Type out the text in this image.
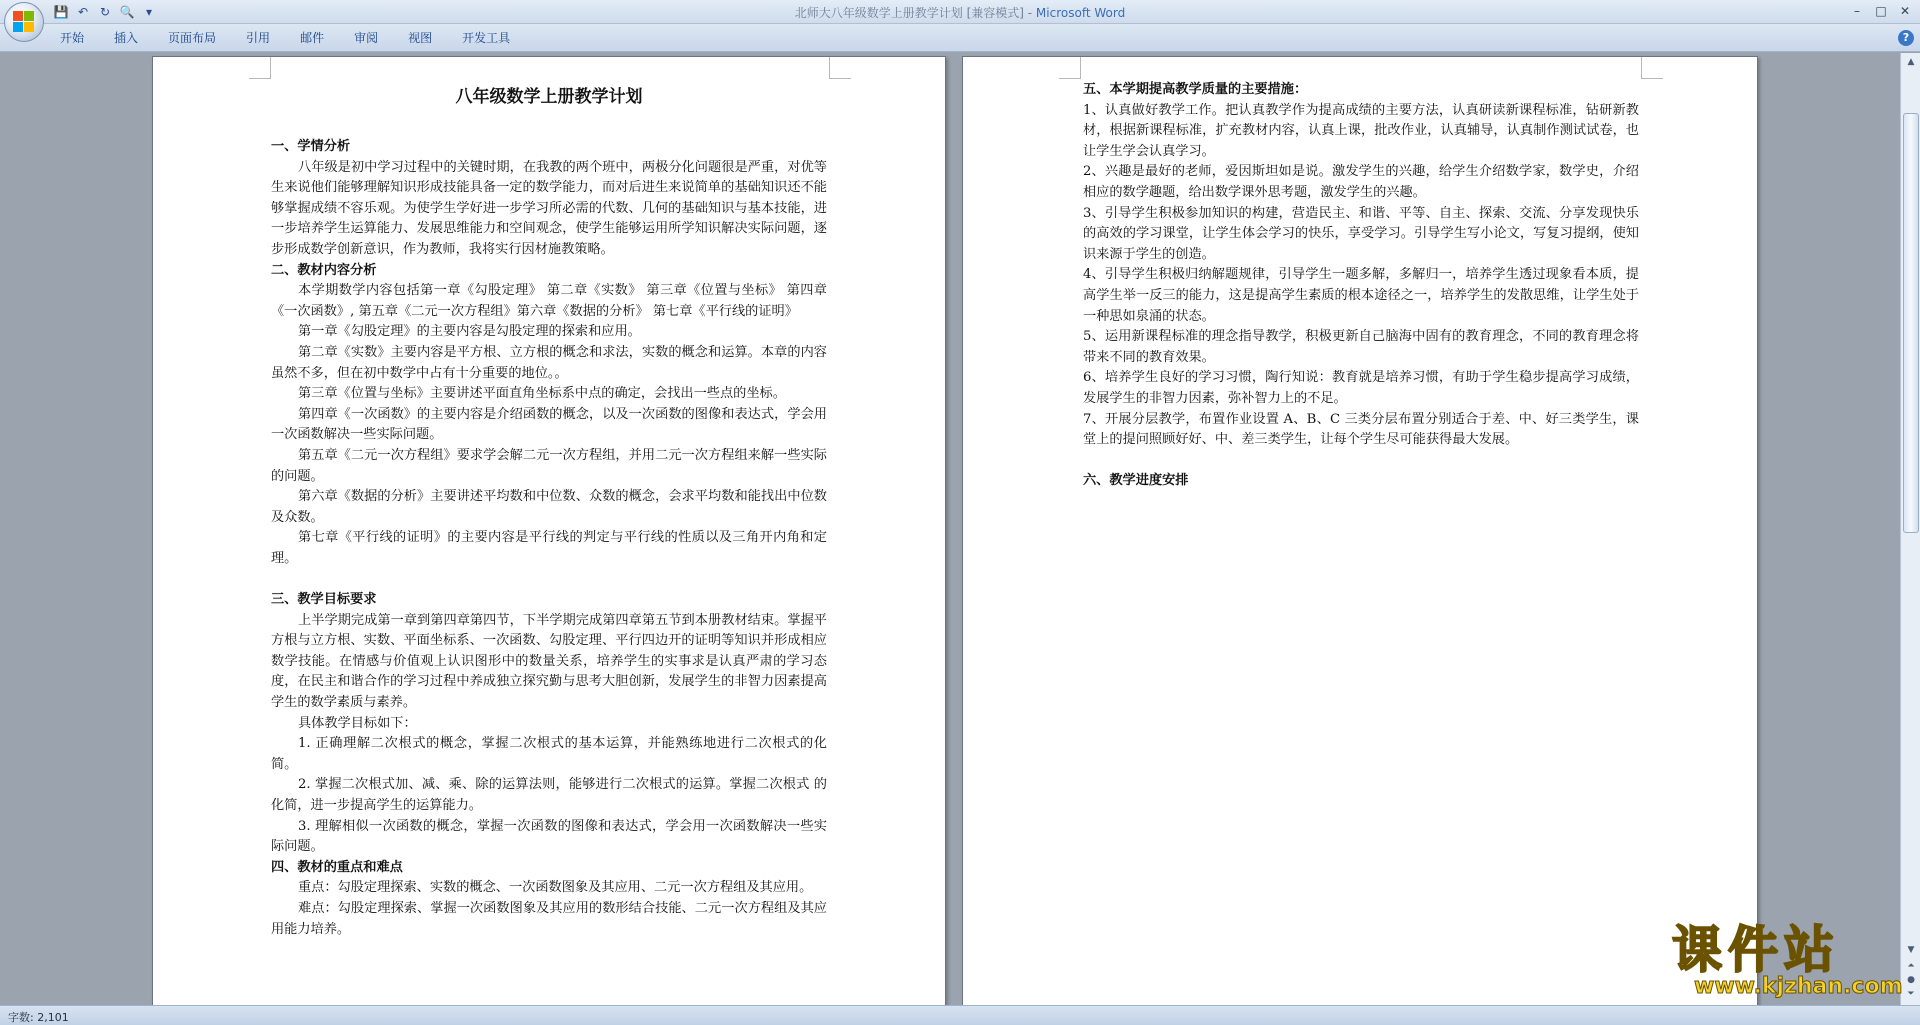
💾 ↶ ↻ 🔍 ▾	北师大八年级数学上册教学计划 [兼容模式] - Microsoft Word	–	□	✕
开始	插入	页面布局	引用	邮件	审阅	视图	开发工具	?
八年级数学上册教学计划
一、学情分析
八年级是初中学习过程中的关键时期，在我教的两个班中，两极分化问题很是严重，对优等生来说他们能够理解知识形成技能具备一定的数学能力，而对后进生来说简单的基础知识还不能够掌握成绩不容乐观。为使学生学好进一步学习所必需的代数、几何的基础知识与基本技能，进一步培养学生运算能力、发展思维能力和空间观念，使学生能够运用所学知识解决实际问题，逐步形成数学创新意识，作为教师，我将实行因材施教策略。
二、教材内容分析
本学期数学内容包括第一章《勾股定理》 第二章《实数》 第三章《位置与坐标》 第四章《一次函数》, 第五章《二元一次方程组》第六章《数据的分析》 第七章《平行线的证明》
第一章《勾股定理》的主要内容是勾股定理的探索和应用。
第二章《实数》主要内容是平方根、立方根的概念和求法，实数的概念和运算。本章的内容虽然不多，但在初中数学中占有十分重要的地位。。
第三章《位置与坐标》主要讲述平面直角坐标系中点的确定，会找出一些点的坐标。
第四章《一次函数》的主要内容是介绍函数的概念，以及一次函数的图像和表达式，学会用一次函数解决一些实际问题。
第五章《二元一次方程组》要求学会解二元一次方程组，并用二元一次方程组来解一些实际的问题。
第六章《数据的分析》主要讲述平均数和中位数、众数的概念，会求平均数和能找出中位数及众数。
第七章《平行线的证明》的主要内容是平行线的判定与平行线的性质以及三角开内角和定理。
三、教学目标要求
上半学期完成第一章到第四章第四节，下半学期完成第四章第五节到本册教材结束。掌握平方根与立方根、实数、平面坐标系、一次函数、勾股定理、平行四边开的证明等知识并形成相应数学技能。在情感与价值观上认识图形中的数量关系，培养学生的实事求是认真严肃的学习态度，在民主和谐合作的学习过程中养成独立探究勤与思考大胆创新，发展学生的非智力因素提高学生的数学素质与素养。
具体教学目标如下：
1. 正确理解二次根式的概念，掌握二次根式的基本运算，并能熟练地进行二次根式的化简。
2. 掌握二次根式加、减、乘、除的运算法则，能够进行二次根式的运算。掌握二次根式 的化简，进一步提高学生的运算能力。
3. 理解相似一次函数的概念，掌握一次函数的图像和表达式，学会用一次函数解决一些实际问题。
四、教材的重点和难点
重点：勾股定理探索、实数的概念、一次函数图象及其应用、二元一次方程组及其应用。
难点：勾股定理探索、掌握一次函数图象及其应用的数形结合技能、二元一次方程组及其应用能力培养。
五、本学期提高教学质量的主要措施：
1、认真做好教学工作。把认真教学作为提高成绩的主要方法，认真研读新课程标准，钻研新教材，根据新课程标准，扩充教材内容，认真上课，批改作业，认真辅导，认真制作测试试卷，也让学生学会认真学习。
2、兴趣是最好的老师，爱因斯坦如是说。激发学生的兴趣，给学生介绍数学家，数学史，介绍相应的数学趣题，给出数学课外思考题，激发学生的兴趣。
3、引导学生积极参加知识的构建，营造民主、和谐、平等、自主、探索、交流、分享发现快乐的高效的学习课堂，让学生体会学习的快乐，享受学习。引导学生写小论文，写复习提纲，使知识来源于学生的创造。
4、引导学生积极归纳解题规律，引导学生一题多解，多解归一，培养学生透过现象看本质，提高学生举一反三的能力，这是提高学生素质的根本途径之一，培养学生的发散思维，让学生处于一种思如泉涌的状态。
5、运用新课程标准的理念指导教学，积极更新自己脑海中固有的教育理念，不同的教育理念将带来不同的教育效果。
6、培养学生良好的学习习惯，陶行知说：教育就是培养习惯，有助于学生稳步提高学习成绩，发展学生的非智力因素，弥补智力上的不足。
7、开展分层教学，布置作业设置 A、B、C 三类分层布置分别适合于差、中、好三类学生，课堂上的提问照顾好好、中、差三类学生，让每个学生尽可能获得最大发展。
六、教学进度安排
▲
▼
⏶
●
⏷
字数: 2,101
课件站
www.kjzhan.com
